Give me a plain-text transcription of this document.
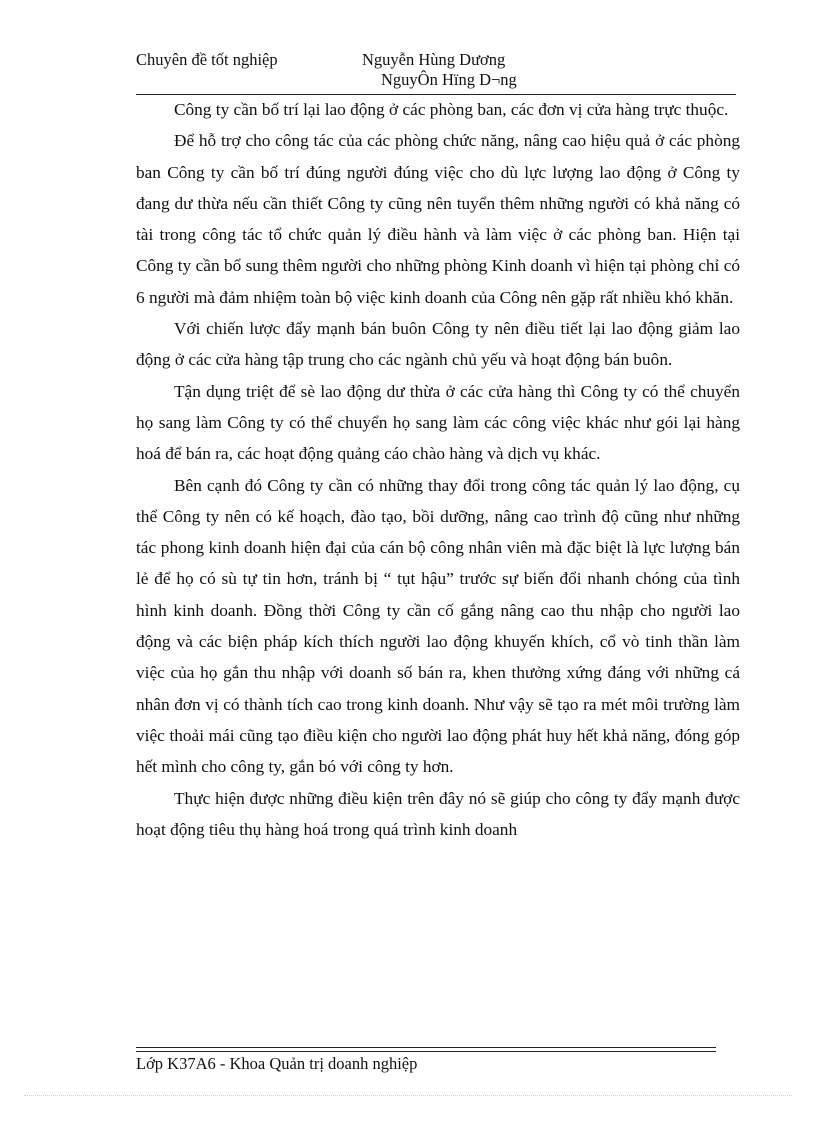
Chuyên đề tốt nghiệp	Nguyễn Hùng Dương
NguyÔn Hïng D¬ng

Công ty cần bố trí lại lao động ở các phòng ban, các đơn vị cửa hàng trực thuộc.

Để hỗ trợ cho công tác của các phòng chức năng, nâng cao hiệu quả ở các phòng ban Công ty cần bố trí đúng người đúng việc cho dù lực lượng lao động ở Công ty đang dư thừa nếu cần thiết Công ty cũng nên tuyển thêm những người có khả năng có tài trong công tác tổ chức quản lý điều hành và làm việc ở các phòng ban. Hiện tại Công ty cần bổ sung thêm người cho những phòng Kinh doanh vì hiện tại phòng chỉ có 6 người mà đảm nhiệm toàn bộ việc kinh doanh của Công nên gặp rất nhiều khó khăn.

Với chiến lược đẩy mạnh bán buôn Công ty nên điều tiết lại lao động giảm lao động ở các cửa hàng tập trung cho các ngành chủ yếu và hoạt động bán buôn.

Tận dụng triệt để sè lao động dư thừa ở các cửa hàng thì Công ty có thể chuyển họ sang làm Công ty có thể chuyển họ sang làm các công việc khác như gói lại hàng hoá để bán ra, các hoạt động quảng cáo chào hàng và dịch vụ khác.

Bên cạnh đó Công ty cần có những thay đổi trong công tác quản lý lao động, cụ thể Công ty nên có kế hoạch, đào tạo, bồi dưỡng, nâng cao trình độ cũng như những tác phong kinh doanh hiện đại của cán bộ công nhân viên mà đặc biệt là lực lượng bán lẻ để họ có sù tự tin hơn, tránh bị “ tụt hậu” trước sự biến đổi nhanh chóng của tình hình kinh doanh. Đồng thời Công ty cần cố gắng nâng cao thu nhập cho người lao động và các biện pháp kích thích người lao động khuyến khích, cổ vò tinh thần làm việc của họ gắn thu nhập với doanh số bán ra, khen thưởng xứng đáng với những cá nhân đơn vị có thành tích cao trong kinh doanh. Như vậy sẽ tạo ra mét môi trường làm việc thoải mái cũng tạo điều kiện cho người lao động phát huy hết khả năng, đóng góp hết mình cho công ty, gắn bó với công ty hơn.

Thực hiện được những điều kiện trên đây nó sẽ giúp cho công ty đẩy mạnh được hoạt động tiêu thụ hàng hoá trong quá trình kinh doanh

Lớp K37A6 - Khoa Quản trị doanh nghiệp
